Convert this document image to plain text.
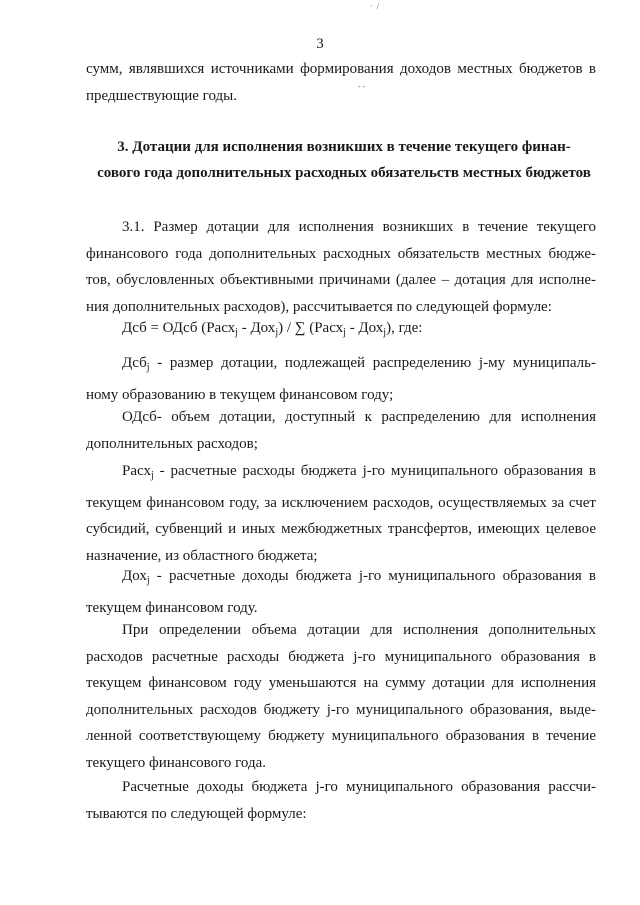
3

сумм, являвшихся источниками формирования доходов местных бюджетов в предшествующие годы.

3. Дотации для исполнения возникших в течение текущего финан-
сового года дополнительных расходных обязательств местных бюджетов

3.1. Размер дотации для исполнения возникших в течение текущего финансового года дополнительных расходных обязательств местных бюдже-тов, обусловленных объективными причинами (далее – дотация для исполне-ния дополнительных расходов), рассчитывается по следующей формуле:

Дсб = ОДсб (Расх$_j$ - Дох$_j$) / ∑ (Расх$_j$ - Дох$_j$), где:

Дсб$_j$ - размер дотации, подлежащей распределению j-му муниципаль-ному образованию в текущем финансовом году;

ОДсб- объем дотации, доступный к распределению для исполнения дополнительных расходов;

Расх$_j$ - расчетные расходы бюджета j-го муниципального образования в текущем финансовом году, за исключением расходов, осуществляемых за счет субсидий, субвенций и иных межбюджетных трансфертов, имеющих целевое назначение, из областного бюджета;

Дох$_j$ - расчетные доходы бюджета j-го муниципального образования в текущем финансовом году.

При определении объема дотации для исполнения дополнительных расходов расчетные расходы бюджета j-го муниципального образования в текущем финансовом году уменьшаются на сумму дотации для исполнения дополнительных расходов бюджету j-го муниципального образования, выде-ленной соответствующему бюджету муниципального образования в течение текущего финансового года.

Расчетные доходы бюджета j-го муниципального образования рассчи-тываются по следующей формуле:

·  /
- -
